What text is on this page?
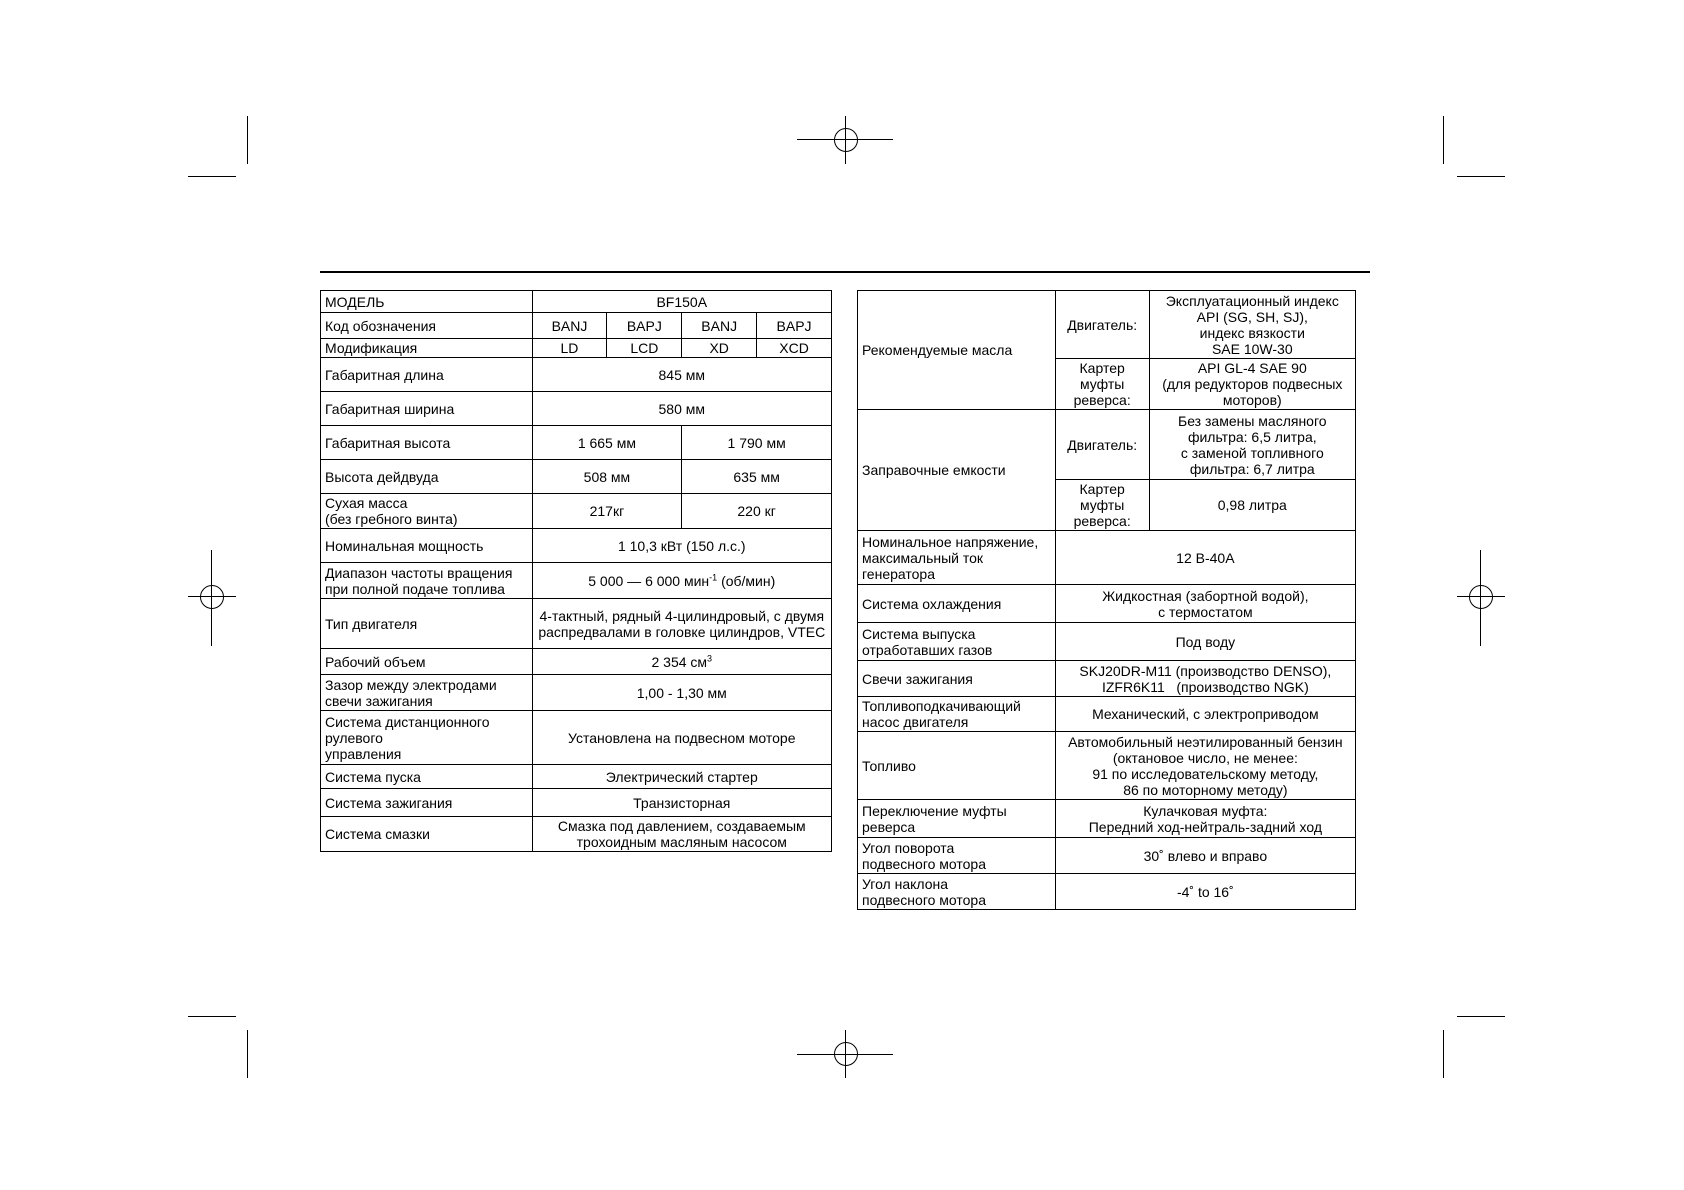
МОДЕЛЬ	BF150A			
Код обозначения	BANJ	BAPJ	BANJ	BAPJ
Модификация	LD	LCD	XD	XCD
Габаритная длина	845 мм			
Габаритная ширина	580 мм			
Габаритная высота	1 665 мм		1 790 мм	
Высота дейдвуда	508 мм		635 мм	
Сухая масса
(без гребного винта)	217кг		220 кг	
Номинальная мощность	1 10,3 кВт (150 л.с.)			
Диапазон частоты вращения
при полной подаче топлива	5 000 — 6 000 мин$^{-1}$ (об/мин)			
Тип двигателя	4-тактный, рядный 4-цилиндровый, с двумя
распредвалами в головке цилиндров, VTEC			
Рабочий объем	2 354 $см^3$
Зазор между электродами
свечи зажигания	1,00 - 1,30 мм			
Система дистанционного
рулевого
управления	Установлена на подвесном моторе			
Система пуска	Электрический стартер			
Система зажигания	Транзисторная			
Система смазки	Смазка под давлением, создаваемым
трохоидным масляным насосом			
Рекомендуемые масла	Двигатель:	Эксплуатационный индекс
API (SG, SH, SJ),
индекс вязкости
SAE 10W-30
	Картер
муфты
реверса:	API GL-4 SAE 90
(для редукторов подвесных
моторов)
Заправочные емкости	Двигатель:	Без замены масляного
фильтра: 6,5 литра,
с заменой топливного
фильтра: 6,7 литра
	Картер
муфты
реверса:	0,98 литра
Номинальное напряжение,
максимальный ток
генератора	12 В-40А	
Система охлаждения	Жидкостная (забортной водой),
с термостатом	
Система выпуска
отработавших газов	Под воду	
Свечи зажигания	SKJ20DR-M11 (производство DENSO),
IZFR6K11   (производство NGK)	
Топливоподкачивающий
насос двигателя	Механический, с электроприводом	
Топливо	Автомобильный неэтилированный бензин
(октановое число, не менее:
91 по исследовательскому методу,
86 по моторному методу)	
Переключение муфты
реверса	Кулачковая муфта:
Передний ход-нейтраль-задний ход	
Угол поворота
подвесного мотора	30˚ влево и вправо	
Угол наклона
подвесного мотора	-4˚ to 16˚	
